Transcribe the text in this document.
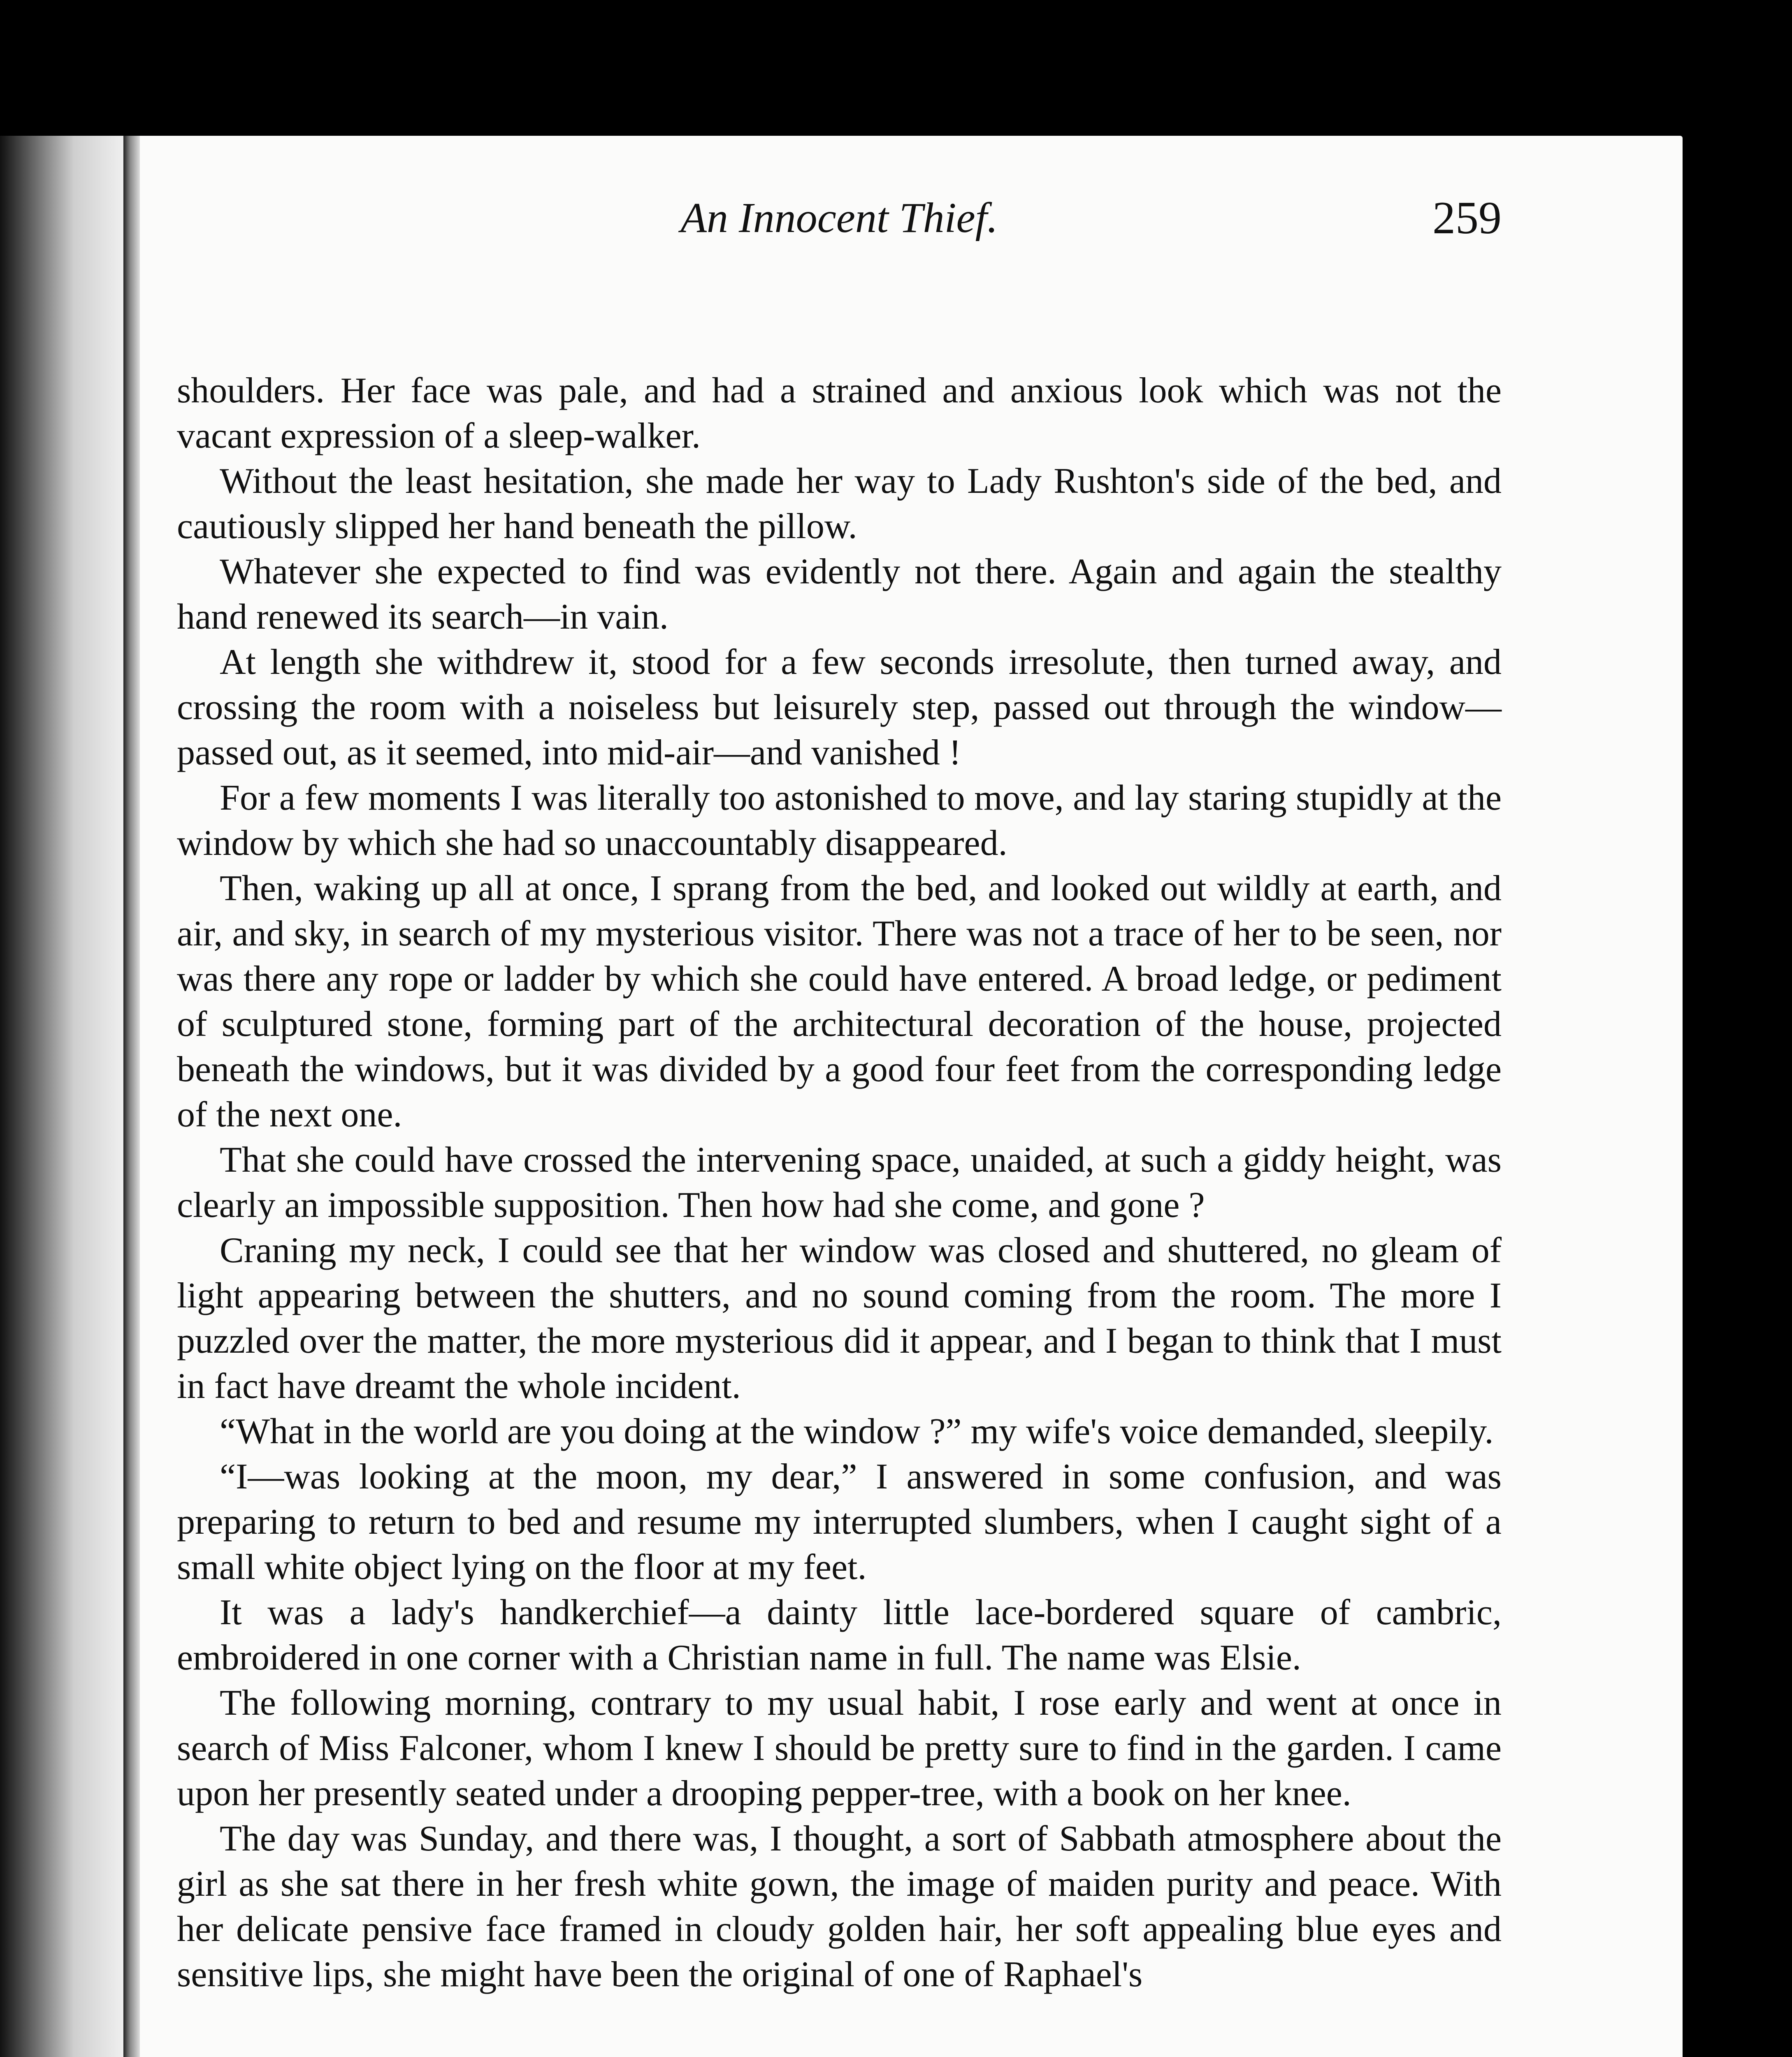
An Innocent Thief.	259

shoulders. Her face was pale, and had a strained and anxious look which was not the vacant expression of a sleep-walker.

Without the least hesitation, she made her way to Lady Rushton's side of the bed, and cautiously slipped her hand beneath the pillow.

Whatever she expected to find was evidently not there. Again and again the stealthy hand renewed its search—in vain.

At length she withdrew it, stood for a few seconds irresolute, then turned away, and crossing the room with a noiseless but leisurely step, passed out through the window—passed out, as it seemed, into mid-air—and vanished !

For a few moments I was literally too astonished to move, and lay staring stupidly at the window by which she had so unaccountably disappeared.

Then, waking up all at once, I sprang from the bed, and looked out wildly at earth, and air, and sky, in search of my mysterious visitor. There was not a trace of her to be seen, nor was there any rope or ladder by which she could have entered. A broad ledge, or pediment of sculptured stone, forming part of the architectural decoration of the house, projected beneath the windows, but it was divided by a good four feet from the corresponding ledge of the next one.

That she could have crossed the intervening space, unaided, at such a giddy height, was clearly an impossible supposition. Then how had she come, and gone ?

Craning my neck, I could see that her window was closed and shuttered, no gleam of light appearing between the shutters, and no sound coming from the room. The more I puzzled over the matter, the more mysterious did it appear, and I began to think that I must in fact have dreamt the whole incident.

“What in the world are you doing at the window ?” my wife's voice demanded, sleepily.

“I—was looking at the moon, my dear,” I answered in some confusion, and was preparing to return to bed and resume my interrupted slumbers, when I caught sight of a small white object lying on the floor at my feet.

It was a lady's handkerchief—a dainty little lace-bordered square of cambric, embroidered in one corner with a Christian name in full. The name was Elsie.

The following morning, contrary to my usual habit, I rose early and went at once in search of Miss Falconer, whom I knew I should be pretty sure to find in the garden. I came upon her presently seated under a drooping pepper-tree, with a book on her knee.

The day was Sunday, and there was, I thought, a sort of Sabbath atmosphere about the girl as she sat there in her fresh white gown, the image of maiden purity and peace. With her delicate pensive face framed in cloudy golden hair, her soft appealing blue eyes and sensitive lips, she might have been the original of one of Raphael's
